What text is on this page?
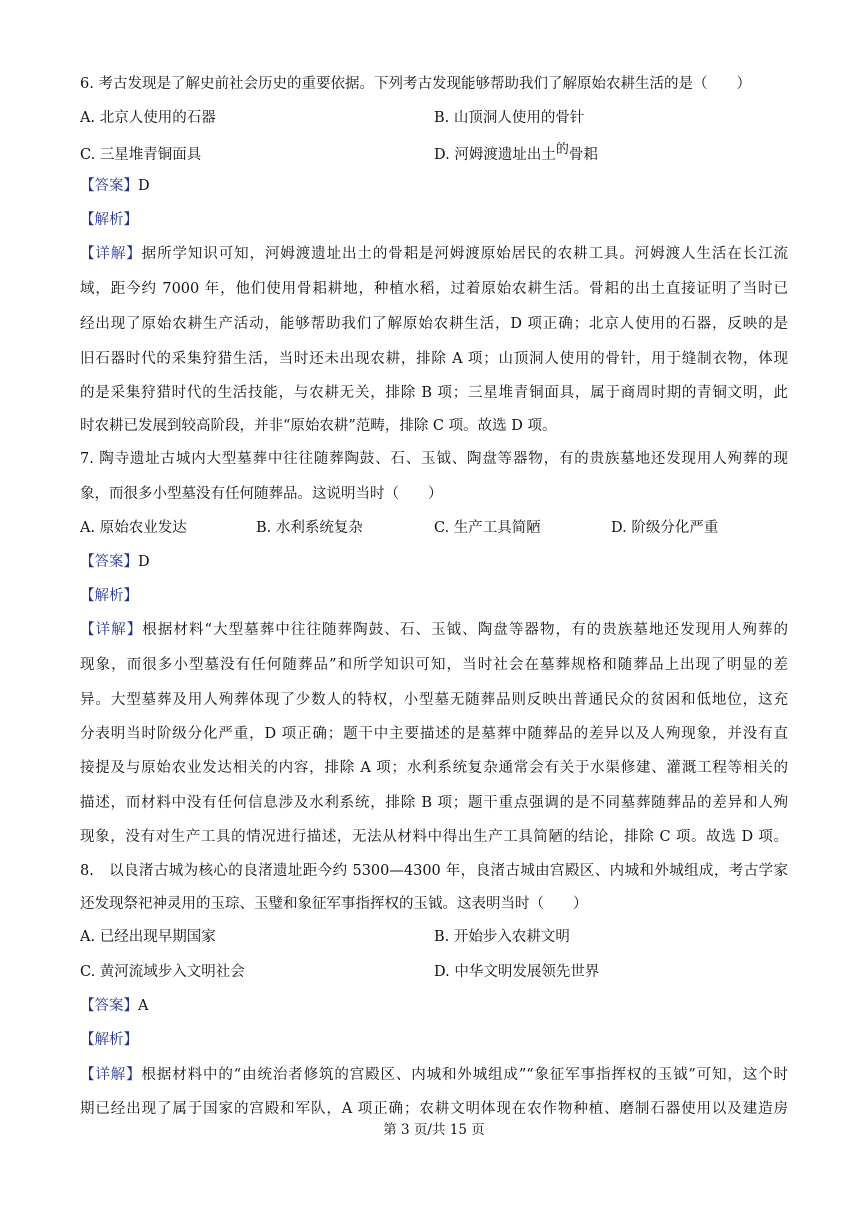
6. 考古发现是了解史前社会历史的重要依据。下列考古发现能够帮助我们了解原始农耕生活的是（　　）
A. 北京人使用的石器	B. 山顶洞人使用的骨针
C. 三星堆青铜面具	D. 河姆渡遗址出土的骨耜
【答案】D
【解析】
【详解】据所学知识可知，河姆渡遗址出土的骨耜是河姆渡原始居民的农耕工具。河姆渡人生活在长江流
域，距今约 7000 年，他们使用骨耜耕地，种植水稻，过着原始农耕生活。骨耜的出土直接证明了当时已
经出现了原始农耕生产活动，能够帮助我们了解原始农耕生活，D 项正确；北京人使用的石器，反映的是
旧石器时代的采集狩猎生活，当时还未出现农耕，排除 A 项；山顶洞人使用的骨针，用于缝制衣物，体现
的是采集狩猎时代的生活技能，与农耕无关，排除 B 项；三星堆青铜面具，属于商周时期的青铜文明，此
时农耕已发展到较高阶段，并非“原始农耕”范畴，排除 C 项。故选 D 项。
7. 陶寺遗址古城内大型墓葬中往往随葬陶鼓、石、玉钺、陶盘等器物，有的贵族墓地还发现用人殉葬的现
象，而很多小型墓没有任何随葬品。这说明当时（　　）
A. 原始农业发达	B. 水利系统复杂	C. 生产工具简陋	D. 阶级分化严重
【答案】D
【解析】
【详解】根据材料“大型墓葬中往往随葬陶鼓、石、玉钺、陶盘等器物，有的贵族墓地还发现用人殉葬的
现象，而很多小型墓没有任何随葬品”和所学知识可知，当时社会在墓葬规格和随葬品上出现了明显的差
异。大型墓葬及用人殉葬体现了少数人的特权，小型墓无随葬品则反映出普通民众的贫困和低地位，这充
分表明当时阶级分化严重，D 项正确；题干中主要描述的是墓葬中随葬品的差异以及人殉现象，并没有直
接提及与原始农业发达相关的内容，排除 A 项；水利系统复杂通常会有关于水渠修建、灌溉工程等相关的
描述，而材料中没有任何信息涉及水利系统，排除 B 项；题干重点强调的是不同墓葬随葬品的差异和人殉
现象，没有对生产工具的情况进行描述，无法从材料中得出生产工具简陋的结论，排除 C 项。故选 D 项。
8.　以良渚古城为核心的良渚遗址距今约 5300—4300 年，良渚古城由宫殿区、内城和外城组成，考古学家
还发现祭祀神灵用的玉琮、玉璧和象征军事指挥权的玉钺。这表明当时（　　）
A. 已经出现早期国家	B. 开始步入农耕文明
C. 黄河流域步入文明社会	D. 中华文明发展领先世界
【答案】A
【解析】
【详解】根据材料中的“由统治者修筑的宫殿区、内城和外城组成”“象征军事指挥权的玉钺”可知，这个时
期已经出现了属于国家的宫殿和军队，A 项正确；农耕文明体现在农作物种植、磨制石器使用以及建造房
第 3 页/共 15 页
